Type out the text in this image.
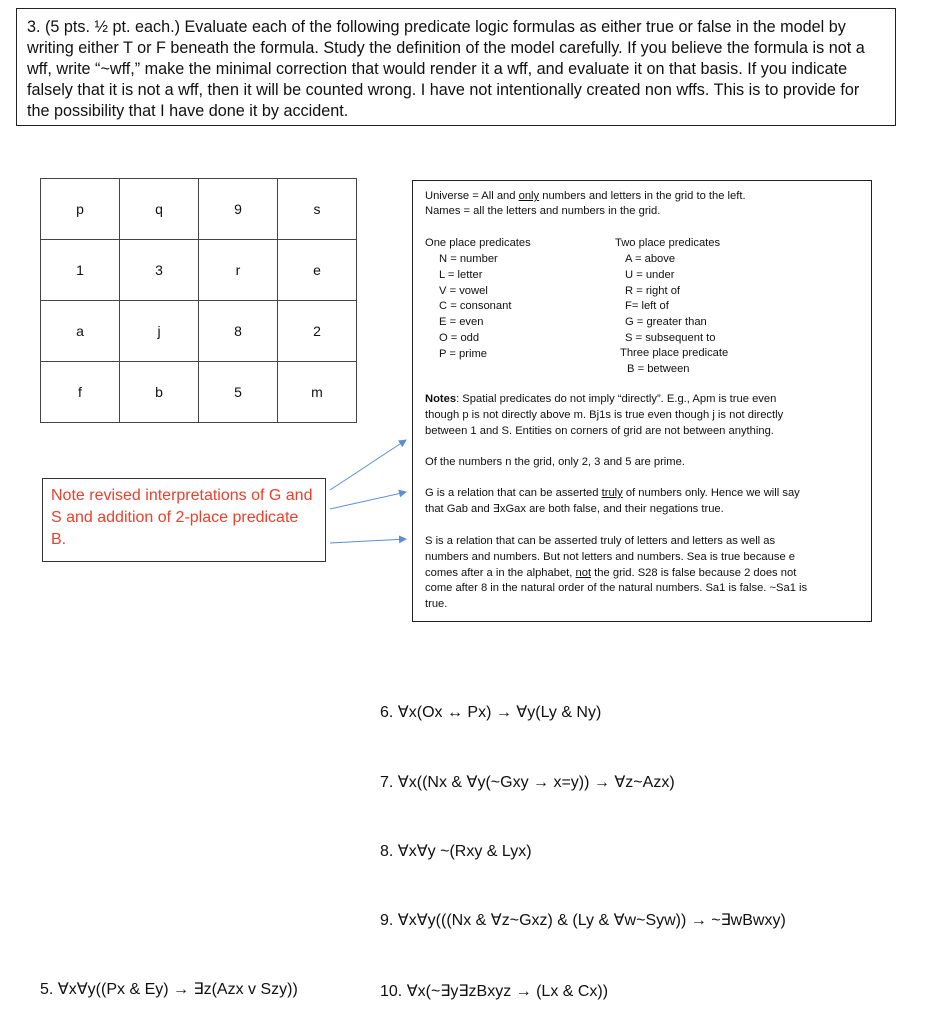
3. (5 pts. ½ pt. each.) Evaluate each of the following predicate logic formulas as either true or false in the model by writing either T or F beneath the formula. Study the definition of the model carefully. If you believe the formula is not a wff, write “~wff,” make the minimal correction that would render it a wff, and evaluate it on that basis. If you indicate falsely that it is not a wff, then it will be counted wrong. I have not intentionally created non wffs. This is to provide for the possibility that I have done it by accident.
p	q	9	s
1	3	r	e
a	j	8	2
f	b	5	m
Universe = All and only numbers and letters in the grid to the left.
Names = all the letters and numbers in the grid.
One place predicates
N = number
L = letter
V = vowel
C = consonant
E = even
O = odd
P = prime
Two place predicates
A = above
U = under
R = right of
F= left of
G = greater than
S = subsequent to
Three place predicate
B = between
Notes: Spatial predicates do not imply “directly”. E.g., Apm is true even
though p is not directly above m. Bj1s is true even though j is not directly
between 1 and S. Entities on corners of grid are not between anything.
Of the numbers n the grid, only 2, 3 and 5 are prime.
G is a relation that can be asserted truly of numbers only. Hence we will say
that Gab and ∃xGax are both false, and their negations true.
S is a relation that can be asserted truly of letters and letters as well as
numbers and numbers. But not letters and numbers. Sea is true because e
comes after a in the alphabet, not the grid. S28 is false because 2 does not
come after 8 in the natural order of the natural numbers. Sa1 is false. ~Sa1 is
true.
Note revised interpretations of G and S and addition of 2-place predicate B.
6. ∀x(Ox ↔ Px) → ∀y(Ly & Ny)
7. ∀x((Nx & ∀y(~Gxy → x=y)) → ∀z~Azx)
8. ∀x∀y ~(Rxy & Lyx)
9. ∀x∀y(((Nx & ∀z~Gxz) & (Ly & ∀w~Syw)) → ~∃wBwxy)
5. ∀x∀y((Px & Ey) → ∃z(Azx v Szy))	10. ∀x(~∃y∃zBxyz → (Lx & Cx))
